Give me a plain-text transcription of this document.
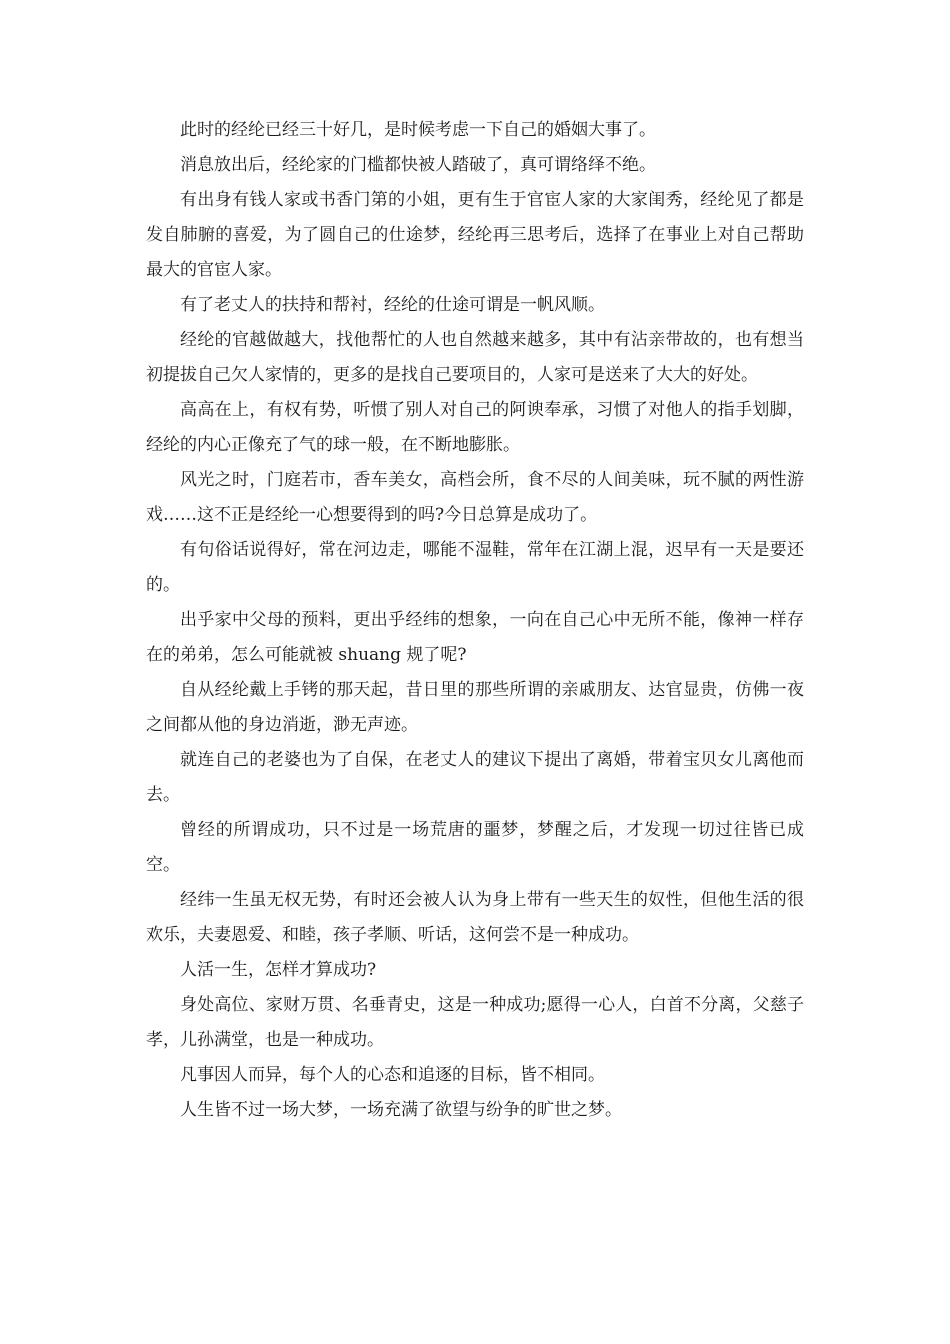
此时的经纶已经三十好几，是时候考虑一下自己的婚姻大事了。

消息放出后，经纶家的门槛都快被人踏破了，真可谓络绎不绝。

有出身有钱人家或书香门第的小姐，更有生于官宦人家的大家闺秀，经纶见了都是发自肺腑的喜爱，为了圆自己的仕途梦，经纶再三思考后，选择了在事业上对自己帮助最大的官宦人家。

有了老丈人的扶持和帮衬，经纶的仕途可谓是一帆风顺。

经纶的官越做越大，找他帮忙的人也自然越来越多，其中有沾亲带故的，也有想当初提拔自己欠人家情的，更多的是找自己要项目的，人家可是送来了大大的好处。

高高在上，有权有势，听惯了别人对自己的阿谀奉承，习惯了对他人的指手划脚，经纶的内心正像充了气的球一般，在不断地膨胀。

风光之时，门庭若市，香车美女，高档会所，食不尽的人间美味，玩不腻的两性游戏……这不正是经纶一心想要得到的吗?今日总算是成功了。

有句俗话说得好，常在河边走，哪能不湿鞋，常年在江湖上混，迟早有一天是要还的。

出乎家中父母的预料，更出乎经纬的想象，一向在自己心中无所不能，像神一样存在的弟弟，怎么可能就被 shuang 规了呢?

自从经纶戴上手铐的那天起，昔日里的那些所谓的亲戚朋友、达官显贵，仿佛一夜之间都从他的身边消逝，渺无声迹。

就连自己的老婆也为了自保，在老丈人的建议下提出了离婚，带着宝贝女儿离他而去。

曾经的所谓成功，只不过是一场荒唐的噩梦，梦醒之后，才发现一切过往皆已成空。

经纬一生虽无权无势，有时还会被人认为身上带有一些天生的奴性，但他生活的很欢乐，夫妻恩爱、和睦，孩子孝顺、听话，这何尝不是一种成功。

人活一生，怎样才算成功?

身处高位、家财万贯、名垂青史，这是一种成功;愿得一心人，白首不分离，父慈子孝，儿孙满堂，也是一种成功。

凡事因人而异，每个人的心态和追逐的目标，皆不相同。

人生皆不过一场大梦，一场充满了欲望与纷争的旷世之梦。
